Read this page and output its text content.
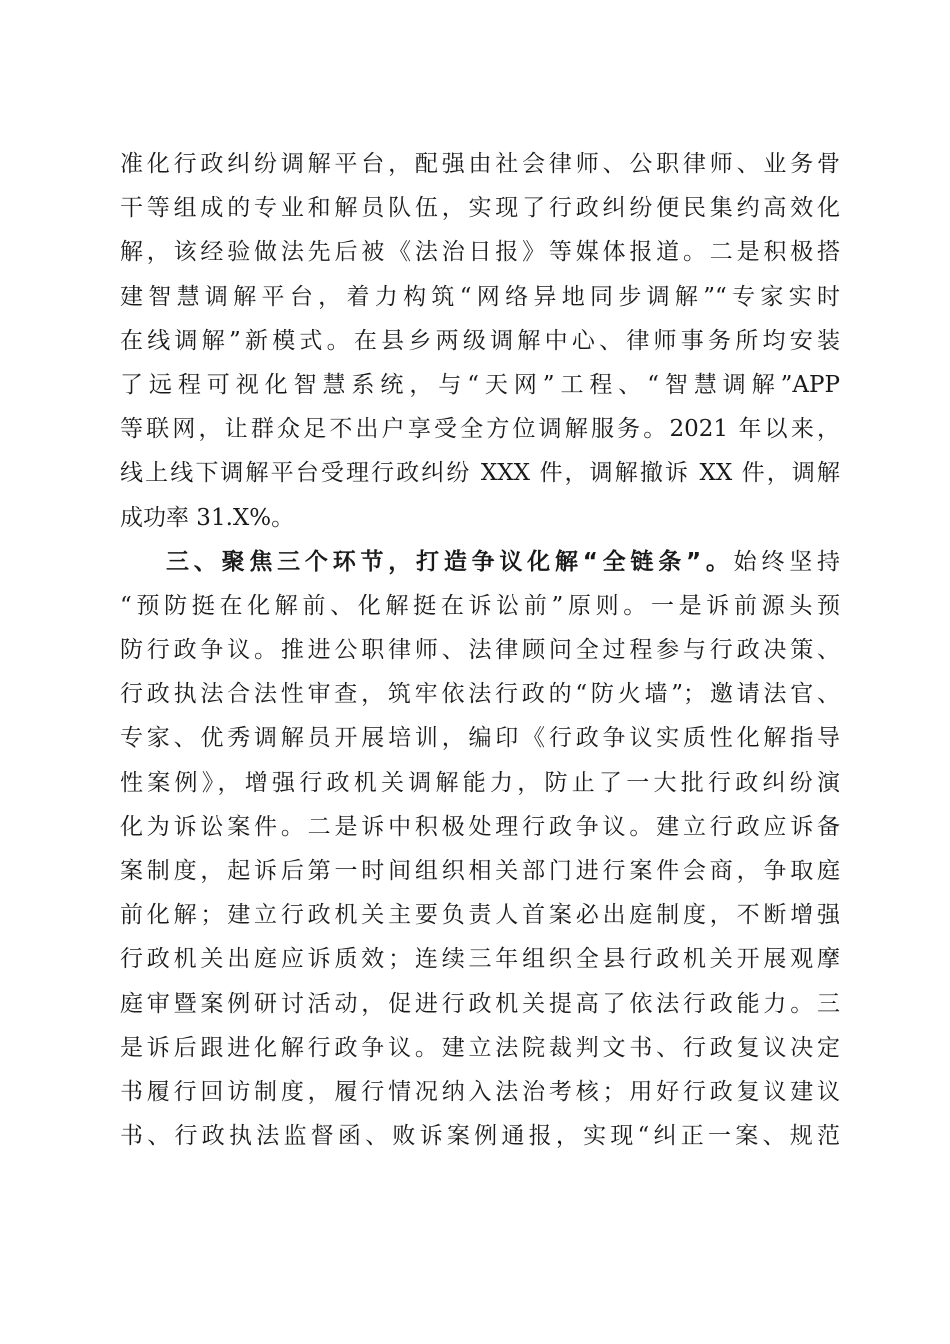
准化行政纠纷调解平台，配强由社会律师、公职律师、业务骨
干等组成的专业和解员队伍，实现了行政纠纷便民集约高效化
解，该经验做法先后被《法治日报》等媒体报道。二是积极搭
建智慧调解平台，着力构筑“网络异地同步调解”“专家实时
在线调解”新模式。在县乡两级调解中心、律师事务所均安装
了远程可视化智慧系统，与“天网”工程、“智慧调解”APP
等联网，让群众足不出户享受全方位调解服务。2021 年以来，
线上线下调解平台受理行政纠纷 XXX 件，调解撤诉 XX 件，调解
成功率 31.X%。
三、聚焦三个环节，打造争议化解“全链条”。始终坚持
“预防挺在化解前、化解挺在诉讼前”原则。一是诉前源头预
防行政争议。推进公职律师、法律顾问全过程参与行政决策、
行政执法合法性审查，筑牢依法行政的“防火墙”；邀请法官、
专家、优秀调解员开展培训，编印《行政争议实质性化解指导
性案例》，增强行政机关调解能力，防止了一大批行政纠纷演
化为诉讼案件。二是诉中积极处理行政争议。建立行政应诉备
案制度，起诉后第一时间组织相关部门进行案件会商，争取庭
前化解；建立行政机关主要负责人首案必出庭制度，不断增强
行政机关出庭应诉质效；连续三年组织全县行政机关开展观摩
庭审暨案例研讨活动，促进行政机关提高了依法行政能力。三
是诉后跟进化解行政争议。建立法院裁判文书、行政复议决定
书履行回访制度，履行情况纳入法治考核；用好行政复议建议
书、行政执法监督函、败诉案例通报，实现“纠正一案、规范
